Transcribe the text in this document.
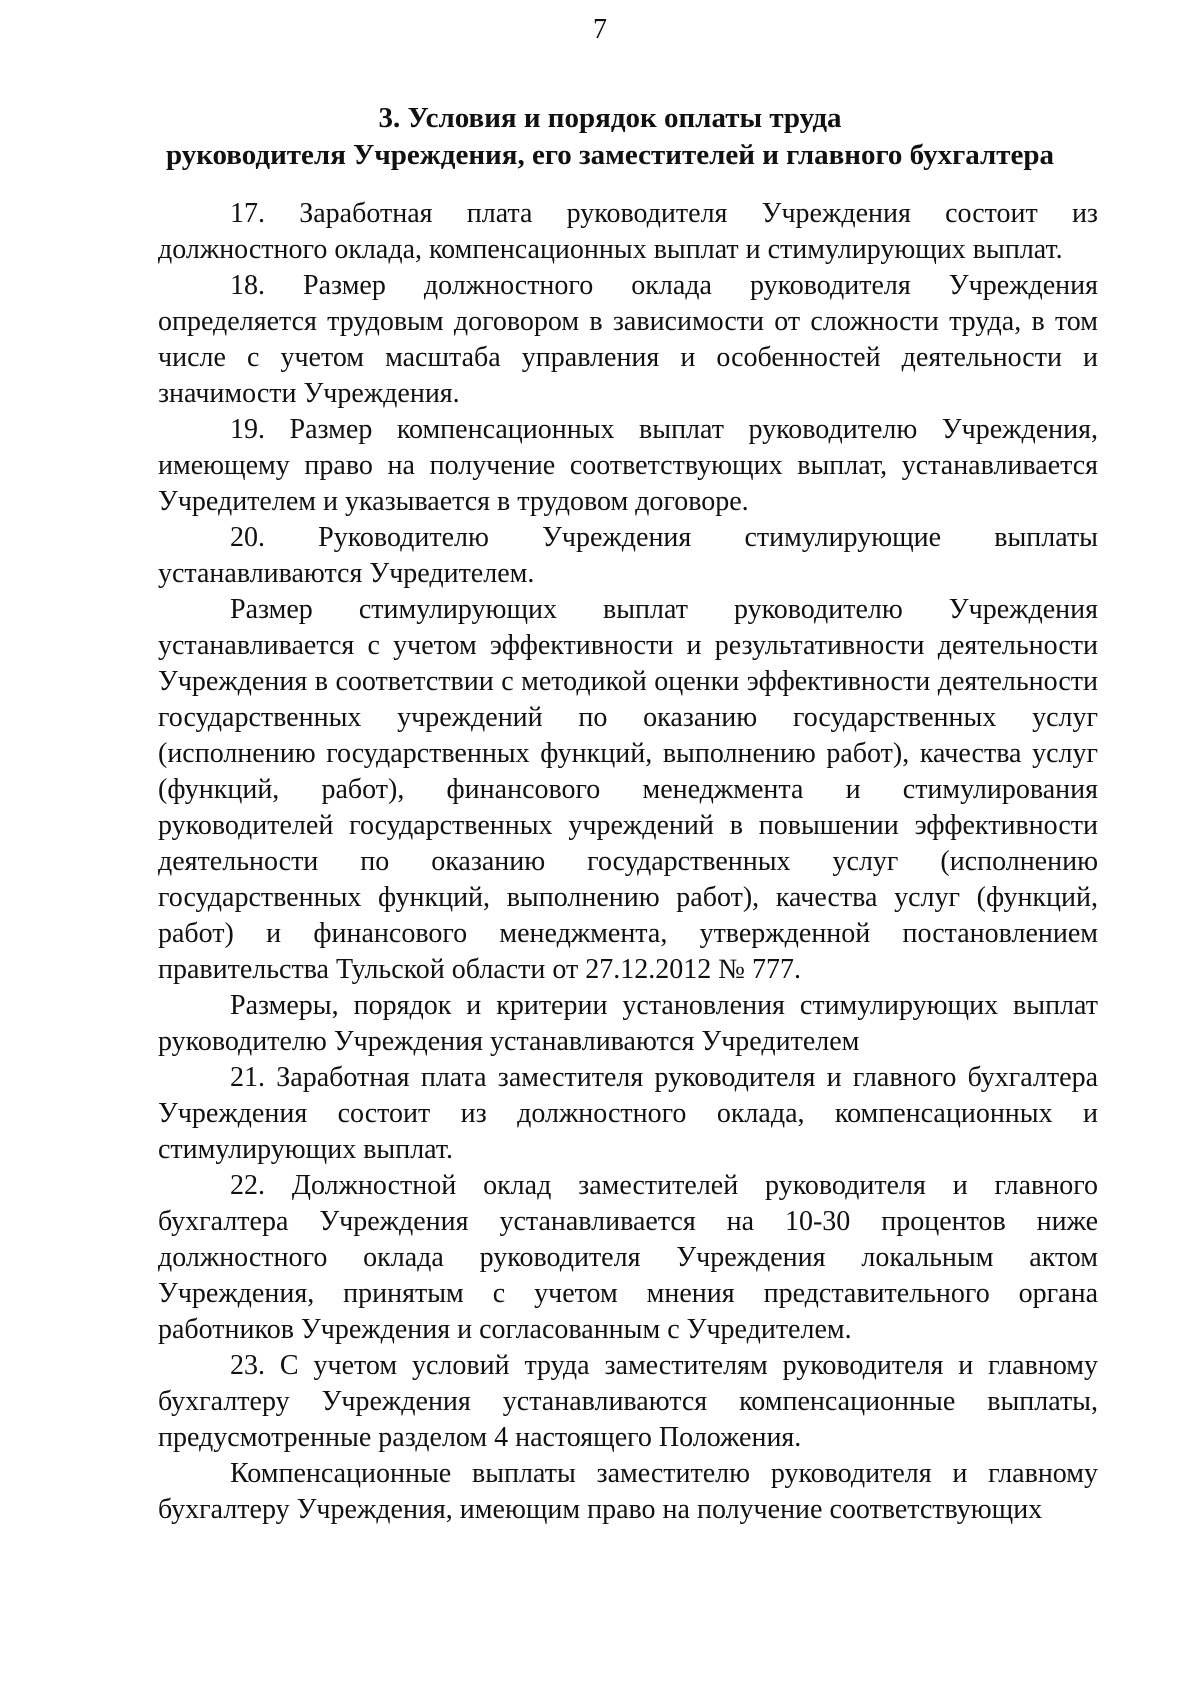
7
3. Условия и порядок оплаты труда
руководителя Учреждения, его заместителей и главного бухгалтера

17. Заработная плата руководителя Учреждения состоит из должностного оклада, компенсационных выплат и стимулирующих выплат.

18. Размер должностного оклада руководителя Учреждения определяется трудовым договором в зависимости от сложности труда, в том числе с учетом масштаба управления и особенностей деятельности и значимости Учреждения.

19. Размер компенсационных выплат руководителю Учреждения, имеющему право на получение соответствующих выплат, устанавливается Учредителем и указывается в трудовом договоре.

20. Руководителю Учреждения стимулирующие выплаты устанавливаются Учредителем.

Размер стимулирующих выплат руководителю Учреждения устанавливается с учетом эффективности и результативности деятельности Учреждения в соответствии с методикой оценки эффективности деятельности государственных учреждений по оказанию государственных услуг (исполнению государственных функций, выполнению работ), качества услуг (функций, работ), финансового менеджмента и стимулирования руководителей государственных учреждений в повышении эффективности деятельности по оказанию государственных услуг (исполнению государственных функций, выполнению работ), качества услуг (функций, работ) и финансового менеджмента, утвержденной постановлением правительства Тульской области от 27.12.2012 № 777.

Размеры, порядок и критерии установления стимулирующих выплат руководителю Учреждения устанавливаются Учредителем

21. Заработная плата заместителя руководителя и главного бухгалтера Учреждения состоит из должностного оклада, компенсационных и стимулирующих выплат.

22. Должностной оклад заместителей руководителя и главного бухгалтера Учреждения устанавливается на 10-30 процентов ниже должностного оклада руководителя Учреждения локальным актом Учреждения, принятым с учетом мнения представительного органа работников Учреждения и согласованным с Учредителем.

23. С учетом условий труда заместителям руководителя и главному бухгалтеру Учреждения устанавливаются компенсационные выплаты, предусмотренные разделом 4 настоящего Положения.

Компенсационные выплаты заместителю руководителя и главному бухгалтеру Учреждения, имеющим право на получение соответствующих
